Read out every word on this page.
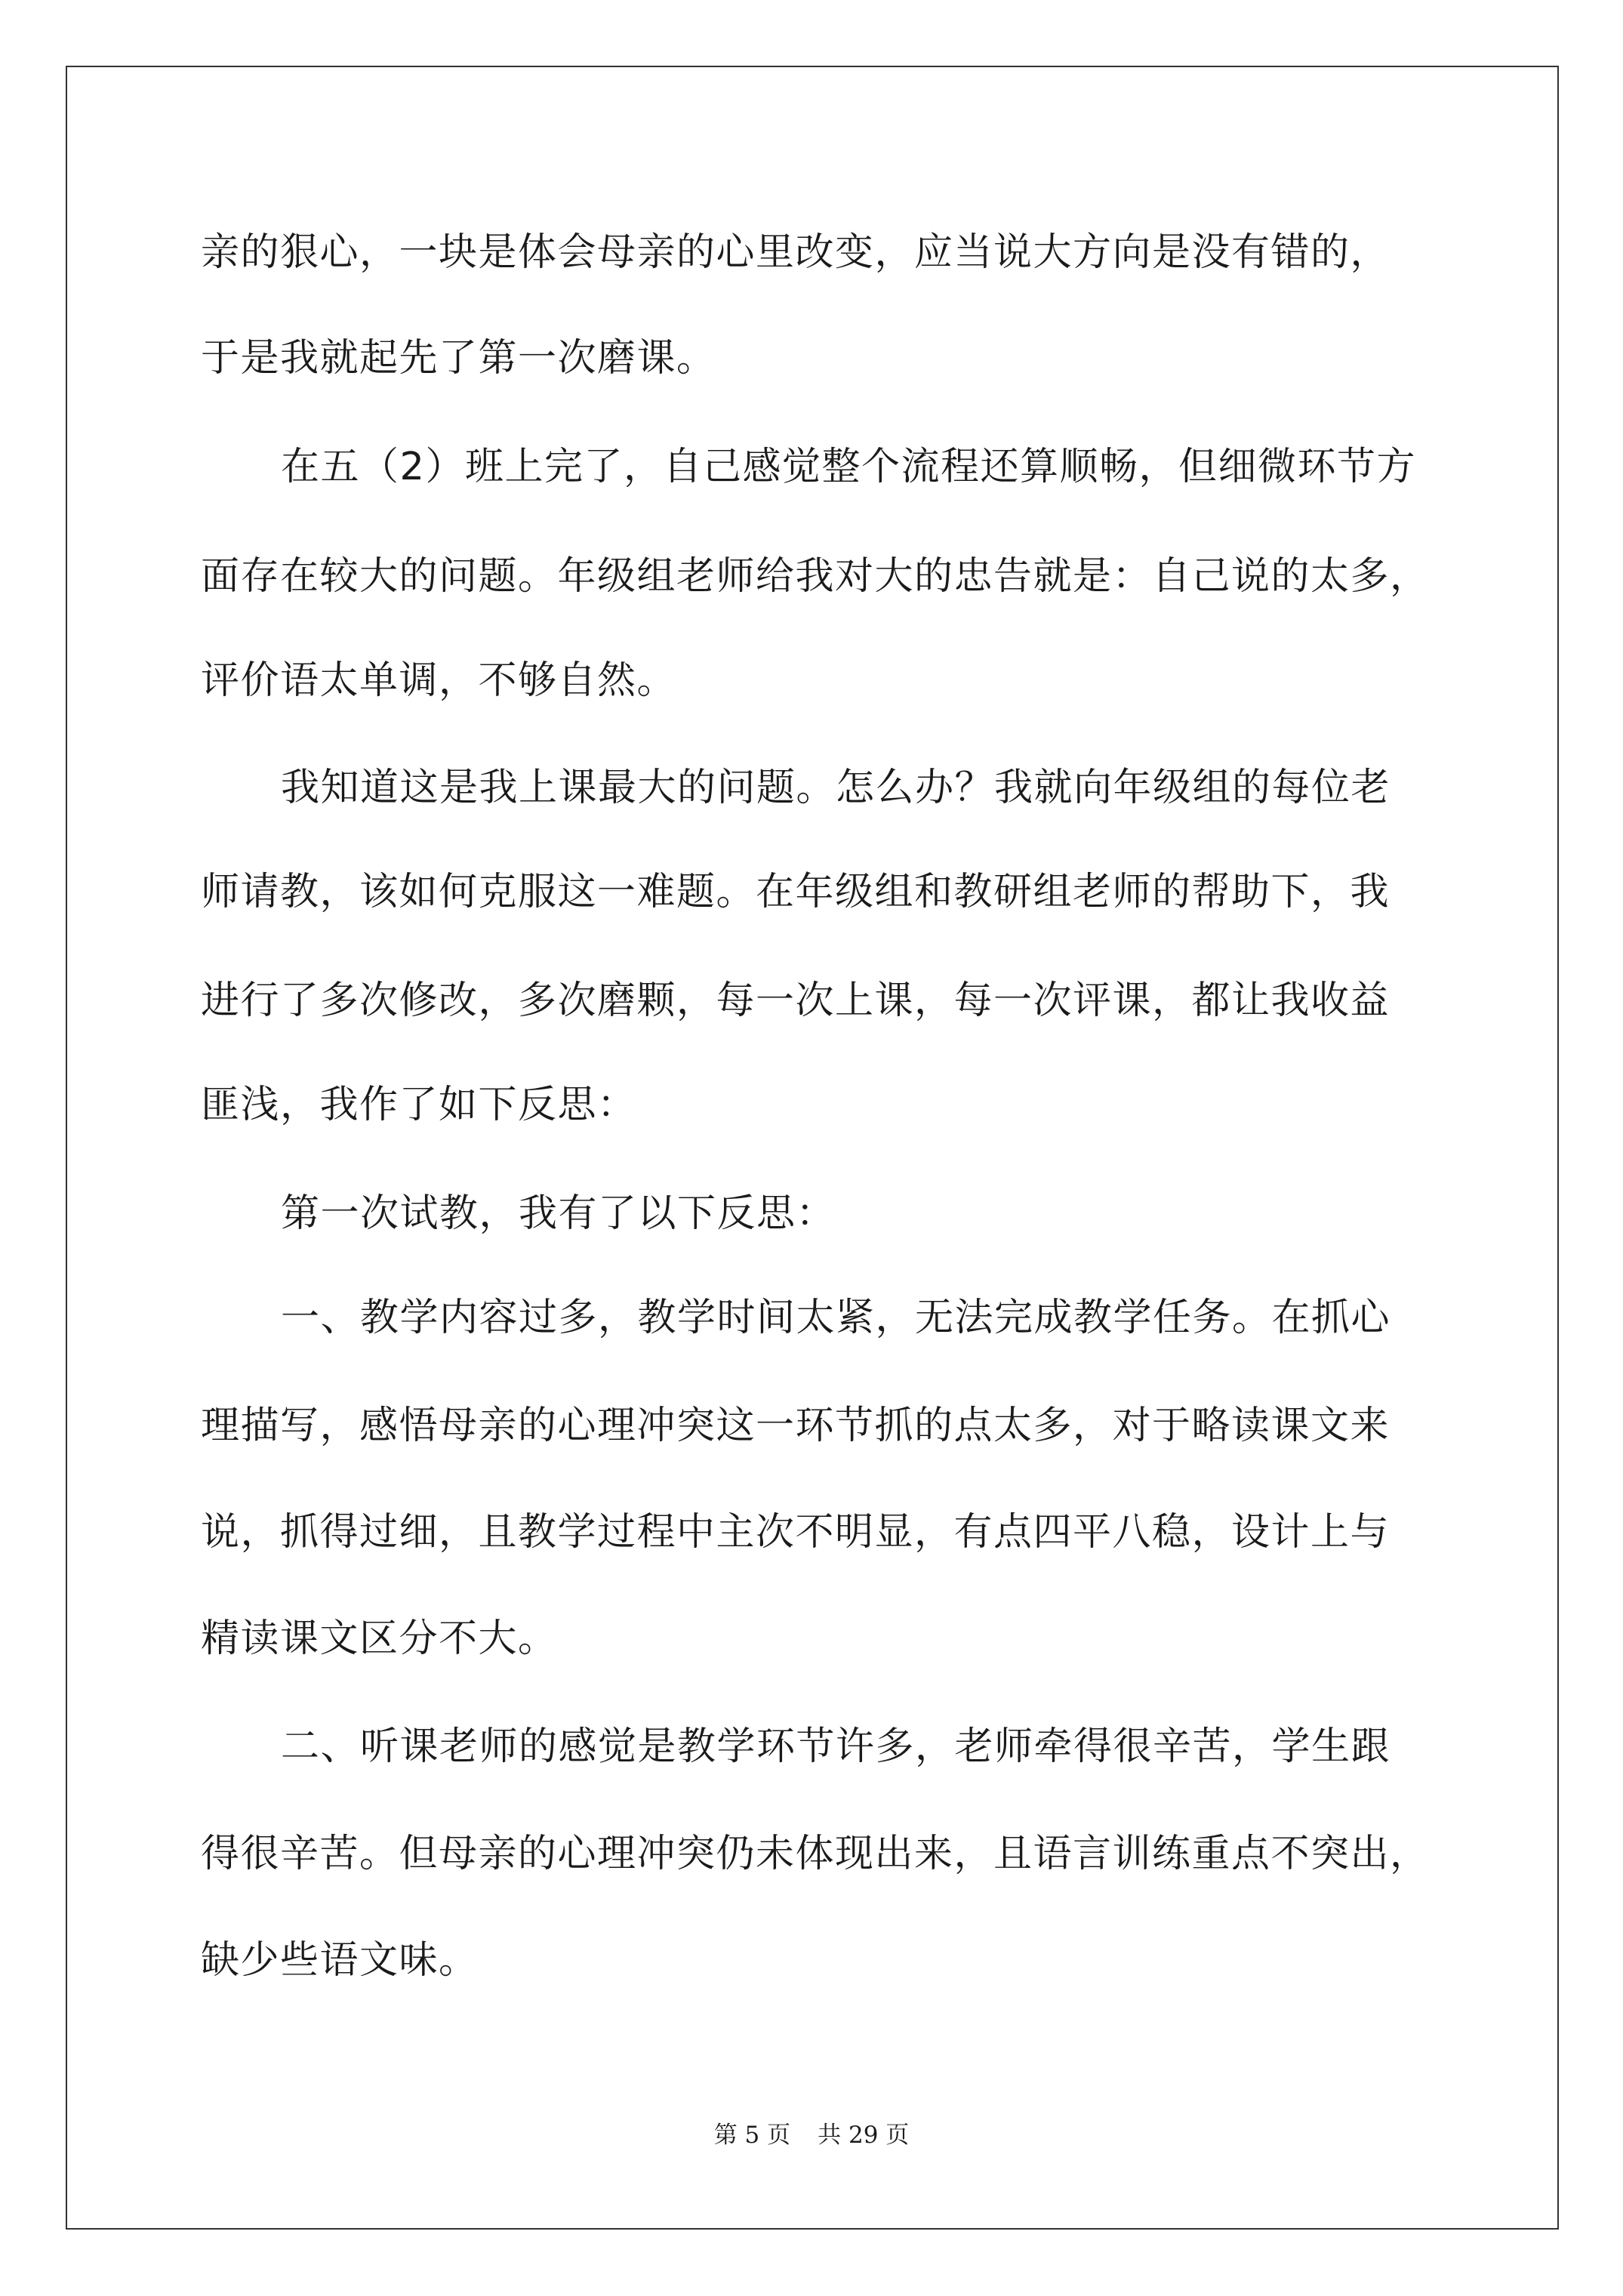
亲的狠心，一块是体会母亲的心里改变，应当说大方向是没有错的，
于是我就起先了第一次磨课。
在五（2）班上完了，自己感觉整个流程还算顺畅，但细微环节方
面存在较大的问题。年级组老师给我对大的忠告就是：自己说的太多，
评价语太单调，不够自然。
我知道这是我上课最大的问题。怎么办？我就向年级组的每位老
师请教，该如何克服这一难题。在年级组和教研组老师的帮助下，我
进行了多次修改，多次磨颗，每一次上课，每一次评课，都让我收益
匪浅，我作了如下反思：
第一次试教，我有了以下反思：
一、教学内容过多，教学时间太紧，无法完成教学任务。在抓心
理描写，感悟母亲的心理冲突这一环节抓的点太多，对于略读课文来
说，抓得过细，且教学过程中主次不明显，有点四平八稳，设计上与
精读课文区分不大。
二、听课老师的感觉是教学环节许多，老师牵得很辛苦，学生跟
得很辛苦。但母亲的心理冲突仍未体现出来，且语言训练重点不突出，
缺少些语文味。
第 5 页 共 29 页
